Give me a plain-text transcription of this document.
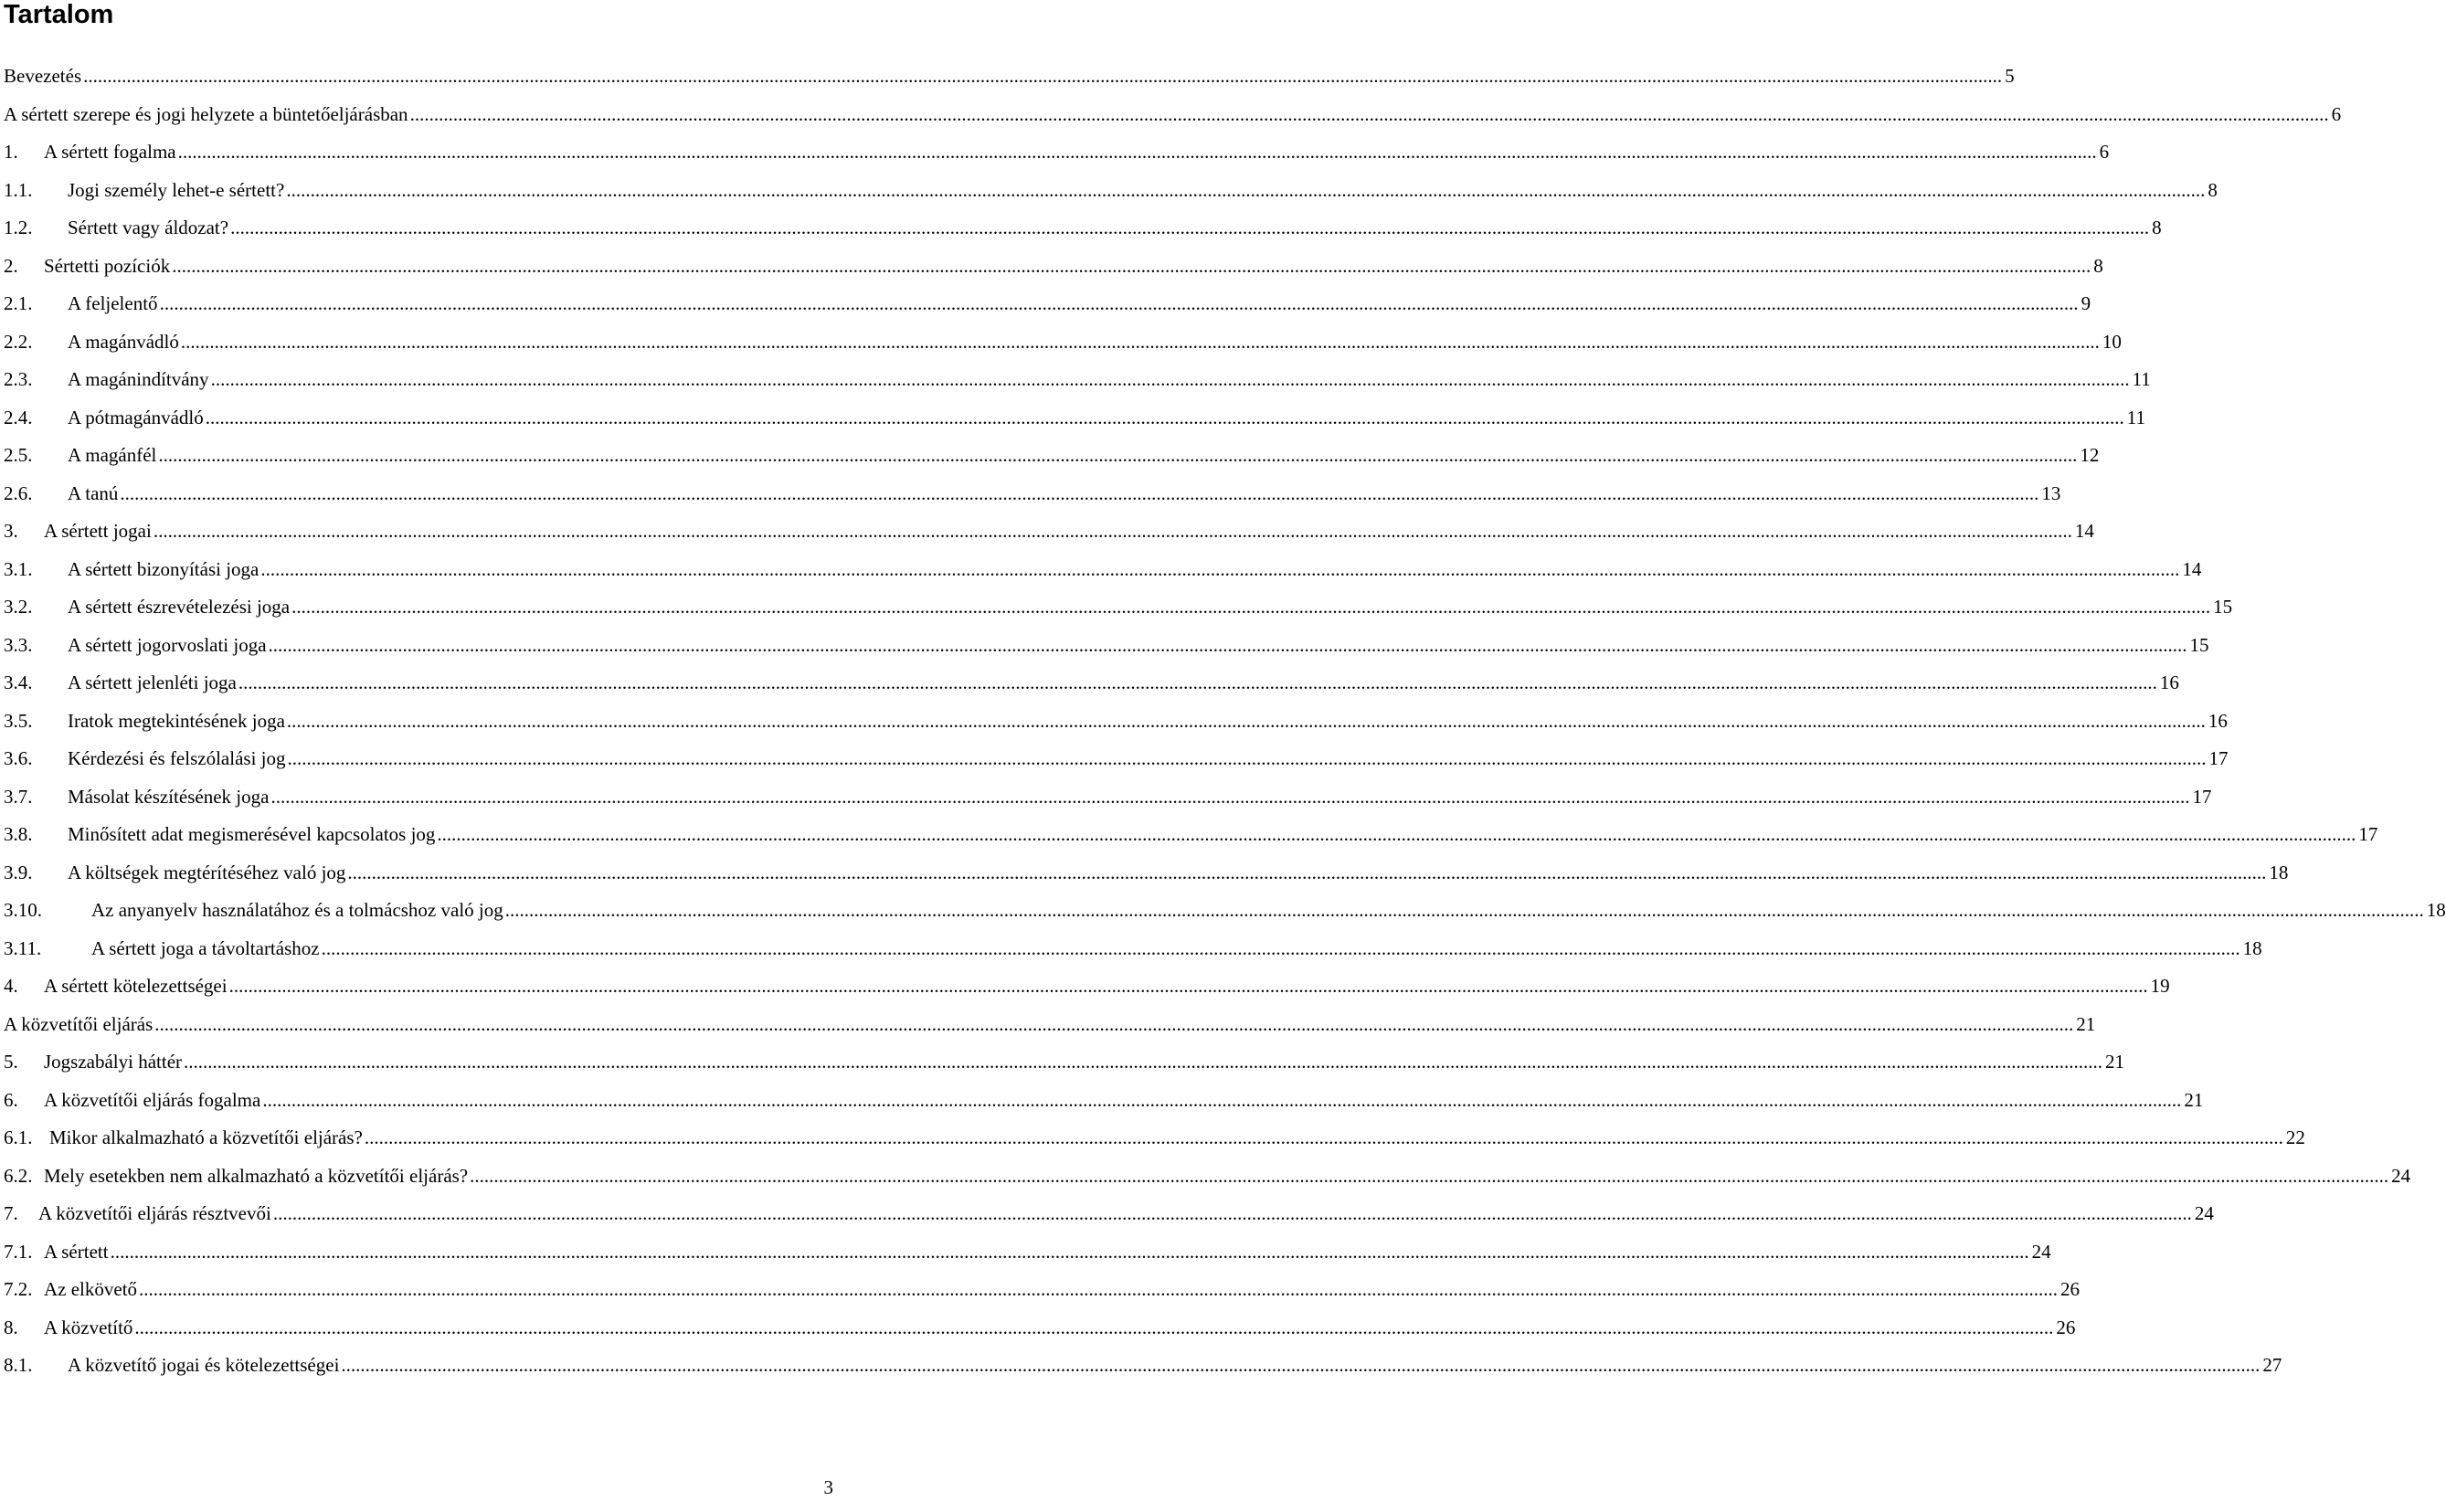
Tartalom
Bevezetés ................................................................................................................................................................................................................................................................................................................................................................................................................ 5
A sértett szerepe és jogi helyzete a büntetőeljárásban ................................................................................................................................................................................................................................................................................................................................................................................................................ 6
1.	A sértett fogalma ................................................................................................................................................................................................................................................................................................................................................................................................................ 6
1.1.	Jogi személy lehet-e sértett? ................................................................................................................................................................................................................................................................................................................................................................................................................ 8
1.2.	Sértett vagy áldozat? ................................................................................................................................................................................................................................................................................................................................................................................................................ 8
2.	Sértetti pozíciók ................................................................................................................................................................................................................................................................................................................................................................................................................ 8
2.1.	A feljelentő ................................................................................................................................................................................................................................................................................................................................................................................................................ 9
2.2.	A magánvádló ................................................................................................................................................................................................................................................................................................................................................................................................................ 10
2.3.	A magánindítvány ................................................................................................................................................................................................................................................................................................................................................................................................................ 11
2.4.	A pótmagánvádló ................................................................................................................................................................................................................................................................................................................................................................................................................ 11
2.5.	A magánfél ................................................................................................................................................................................................................................................................................................................................................................................................................ 12
2.6.	A tanú ................................................................................................................................................................................................................................................................................................................................................................................................................ 13
3.	A sértett jogai ................................................................................................................................................................................................................................................................................................................................................................................................................ 14
3.1.	A sértett bizonyítási joga ................................................................................................................................................................................................................................................................................................................................................................................................................ 14
3.2.	A sértett észrevételezési joga ................................................................................................................................................................................................................................................................................................................................................................................................................ 15
3.3.	A sértett jogorvoslati joga ................................................................................................................................................................................................................................................................................................................................................................................................................ 15
3.4.	A sértett jelenléti joga ................................................................................................................................................................................................................................................................................................................................................................................................................ 16
3.5.	Iratok megtekintésének joga ................................................................................................................................................................................................................................................................................................................................................................................................................ 16
3.6.	Kérdezési és felszólalási jog ................................................................................................................................................................................................................................................................................................................................................................................................................ 17
3.7.	Másolat készítésének joga ................................................................................................................................................................................................................................................................................................................................................................................................................ 17
3.8.	Minősített adat megismerésével kapcsolatos jog ................................................................................................................................................................................................................................................................................................................................................................................................................ 17
3.9.	A költségek megtérítéséhez való jog ................................................................................................................................................................................................................................................................................................................................................................................................................ 18
3.10.	Az anyanyelv használatához és a tolmácshoz való jog ................................................................................................................................................................................................................................................................................................................................................................................................................ 18
3.11.	A sértett joga a távoltartáshoz ................................................................................................................................................................................................................................................................................................................................................................................................................ 18
4.	A sértett kötelezettségei ................................................................................................................................................................................................................................................................................................................................................................................................................ 19
A közvetítői eljárás ................................................................................................................................................................................................................................................................................................................................................................................................................ 21
5.	Jogszabályi háttér ................................................................................................................................................................................................................................................................................................................................................................................................................ 21
6.	A közvetítői eljárás fogalma ................................................................................................................................................................................................................................................................................................................................................................................................................ 21
6.1. Mikor alkalmazható a közvetítői eljárás? ................................................................................................................................................................................................................................................................................................................................................................................................................ 22
6.2. Mely esetekben nem alkalmazható a közvetítői eljárás? ................................................................................................................................................................................................................................................................................................................................................................................................................ 24
7.	A közvetítői eljárás résztvevői ................................................................................................................................................................................................................................................................................................................................................................................................................ 24
7.1. A sértett ................................................................................................................................................................................................................................................................................................................................................................................................................ 24
7.2. Az elkövető ................................................................................................................................................................................................................................................................................................................................................................................................................ 26
8.	A közvetítő ................................................................................................................................................................................................................................................................................................................................................................................................................ 26
8.1.	A közvetítő jogai és kötelezettségei ................................................................................................................................................................................................................................................................................................................................................................................................................ 27
3
